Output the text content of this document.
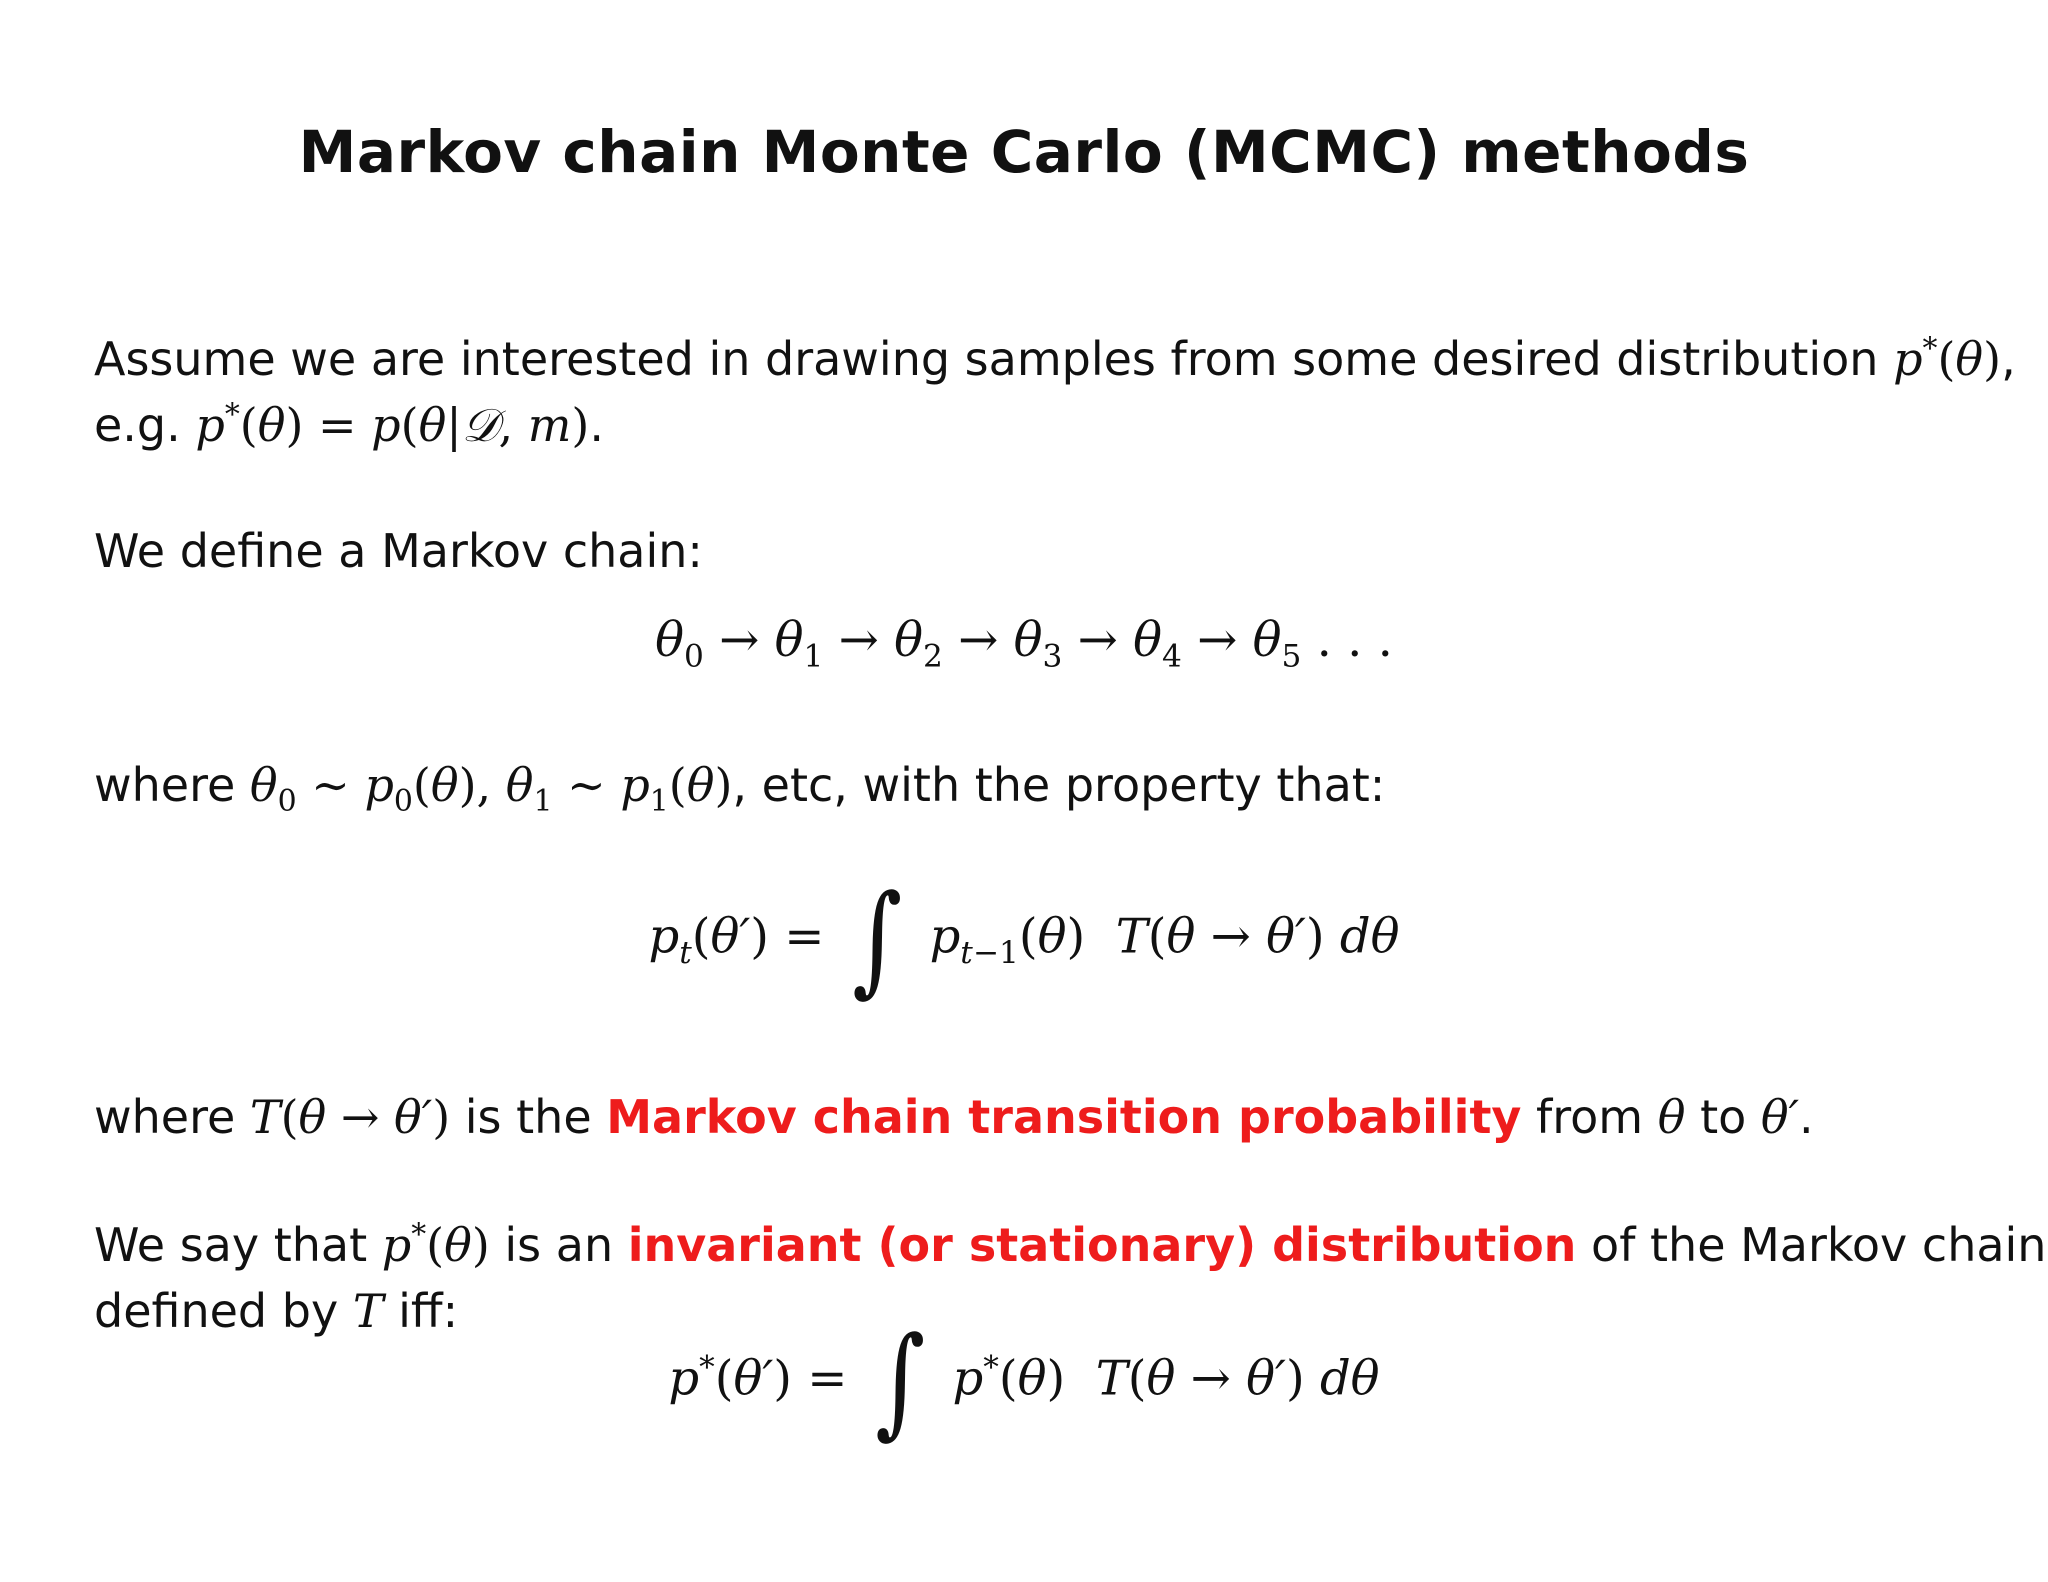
Markov chain Monte Carlo (MCMC) methods
Assume we are interested in drawing samples from some desired distribution p*(θ),
e.g. p*(θ) = p(θ|𝒟, m).
We define a Markov chain:
$\theta_0 \to \theta_1 \to \theta_2 \to \theta_3 \to \theta_4 \to \theta_5$ . . .
where $\theta_0$ ∼ $p_0(\theta)$, $\theta_1$ ∼ $p_1(\theta)$, etc, with the property that:
$p_t(\theta')$ = ∫ $p_{t-1}(\theta) T(\theta \to \theta')$ dθ
where T(θ → θ′) is the Markov chain transition probability from θ to θ′.
We say that p*(θ) is an invariant (or stationary) distribution of the Markov chain
defined by T iff:
p*(θ′) = ∫ p*(θ)  T(θ → θ′) dθ
